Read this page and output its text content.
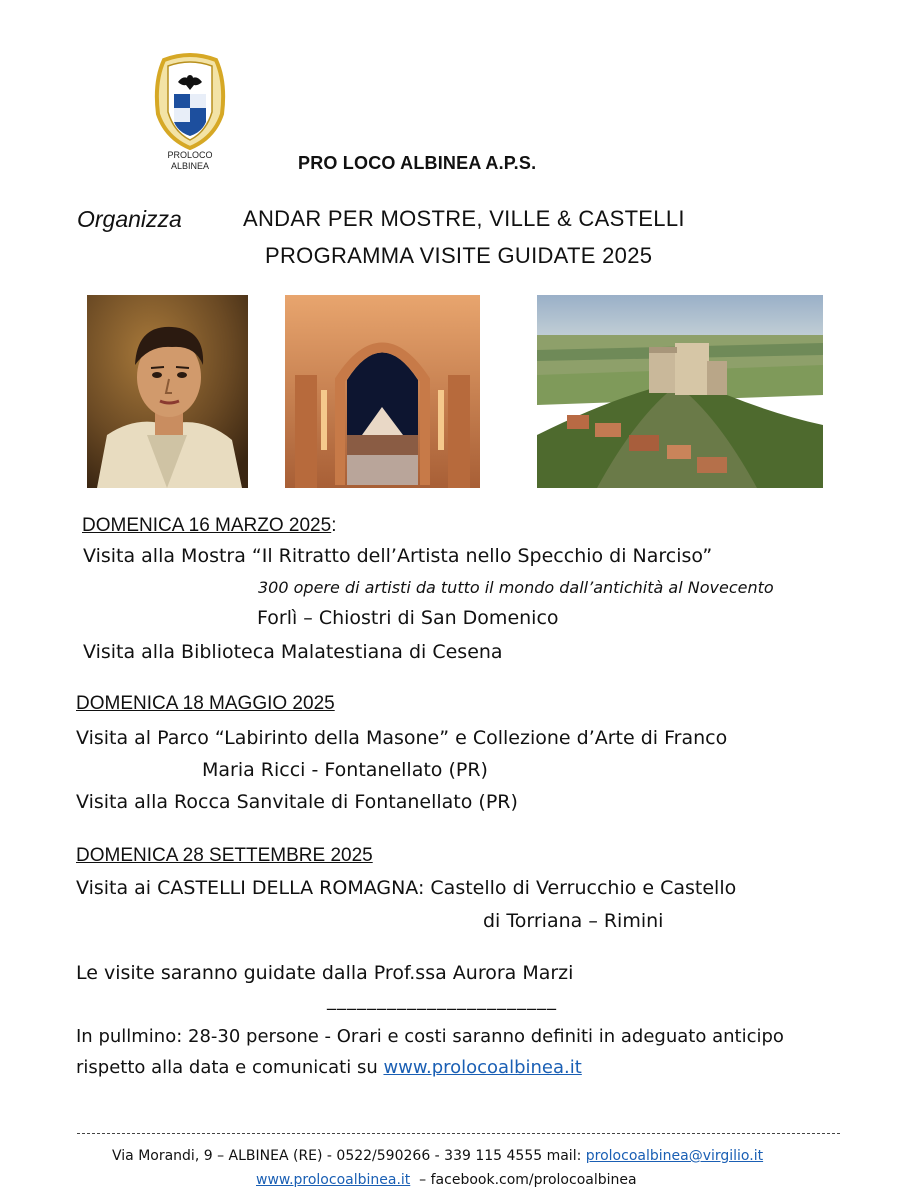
PROLOCO
ALBINEA	PRO LOCO ALBINEA A.P.S.
Organizza	ANDAR PER MOSTRE, VILLE & CASTELLI
PROGRAMMA VISITE GUIDATE 2025
DOMENICA 16 MARZO 2025:
Visita alla Mostra “Il Ritratto dell’Artista nello Specchio di Narciso”
300 opere di artisti da tutto il mondo dall’antichità al Novecento
Forlì – Chiostri di San Domenico
Visita alla Biblioteca Malatestiana di Cesena
DOMENICA 18 MAGGIO 2025
Visita al Parco “Labirinto della Masone” e Collezione d’Arte di Franco
Maria Ricci - Fontanellato (PR)
Visita alla Rocca Sanvitale di Fontanellato (PR)
DOMENICA 28 SETTEMBRE 2025
Visita ai CASTELLI DELLA ROMAGNA: Castello di Verrucchio e Castello
di Torriana – Rimini
Le visite saranno guidate dalla Prof.ssa Aurora Marzi
_______________________
In pullmino: 28-30 persone - Orari e costi saranno definiti in adeguato anticipo
rispetto alla data e comunicati su www.prolocoalbinea.it
Via Morandi, 9 – ALBINEA (RE) - 0522/590266 - 339 115 4555 mail: prolocoalbinea@virgilio.it
www.prolocoalbinea.it  – facebook.com/prolocoalbinea
